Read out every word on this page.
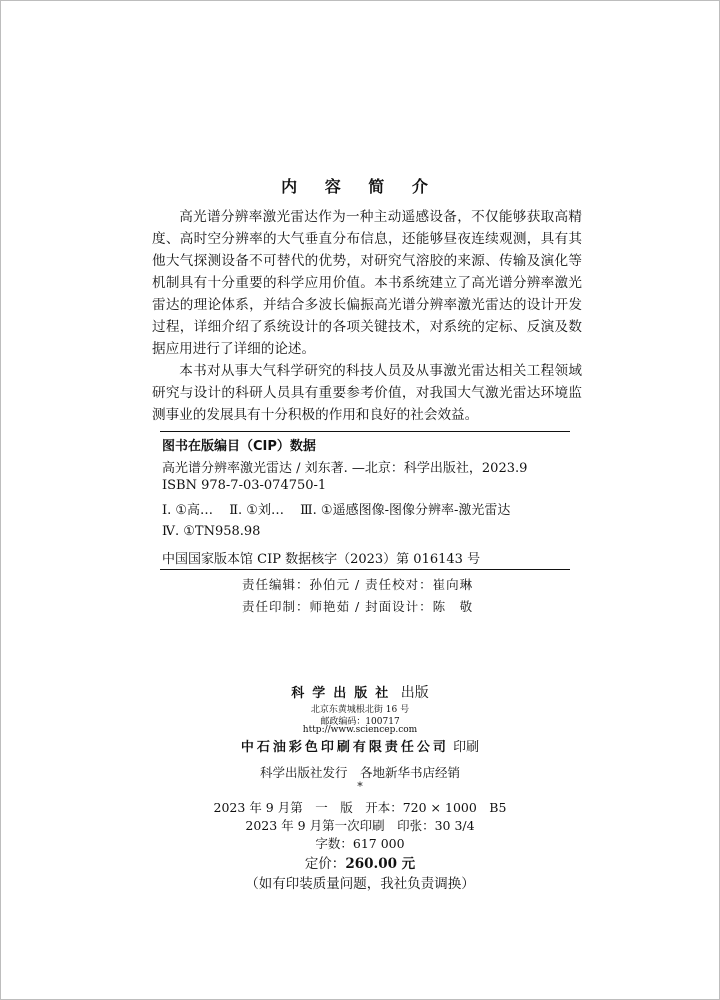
内 容 简 介

高光谱分辨率激光雷达作为一种主动遥感设备，不仅能够获取高精度、高时空分辨率的大气垂直分布信息，还能够昼夜连续观测，具有其他大气探测设备不可替代的优势，对研究气溶胶的来源、传输及演化等机制具有十分重要的科学应用价值。本书系统建立了高光谱分辨率激光雷达的理论体系，并结合多波长偏振高光谱分辨率激光雷达的设计开发过程，详细介绍了系统设计的各项关键技术，对系统的定标、反演及数据应用进行了详细的论述。

本书对从事大气科学研究的科技人员及从事激光雷达相关工程领域研究与设计的科研人员具有重要参考价值，对我国大气激光雷达环境监测事业的发展具有十分积极的作用和良好的社会效益。

图书在版编目（CIP）数据
高光谱分辨率激光雷达 / 刘东著. —北京：科学出版社，2023.9
ISBN 978-7-03-074750-1
Ⅰ. ①高… Ⅱ. ①刘… Ⅲ. ①遥感图像-图像分辨率-激光雷达
Ⅳ. ①TN958.98
中国国家版本馆 CIP 数据核字（2023）第 016143 号
责任编辑：孙伯元 / 责任校对：崔向琳
责任印制：师艳茹 / 封面设计：陈　敬
科学出版社 出版
北京东黄城根北街 16 号
邮政编码：100717
http://www.sciencep.com
中石油彩色印刷有限责任公司 印刷
科学出版社发行　各地新华书店经销
*
2023 年 9 月第　一　版　开本：720 × 1000　B5
2023 年 9 月第一次印刷　印张：30 3/4
字数：617 000
定价：260.00 元
（如有印装质量问题，我社负责调换）
